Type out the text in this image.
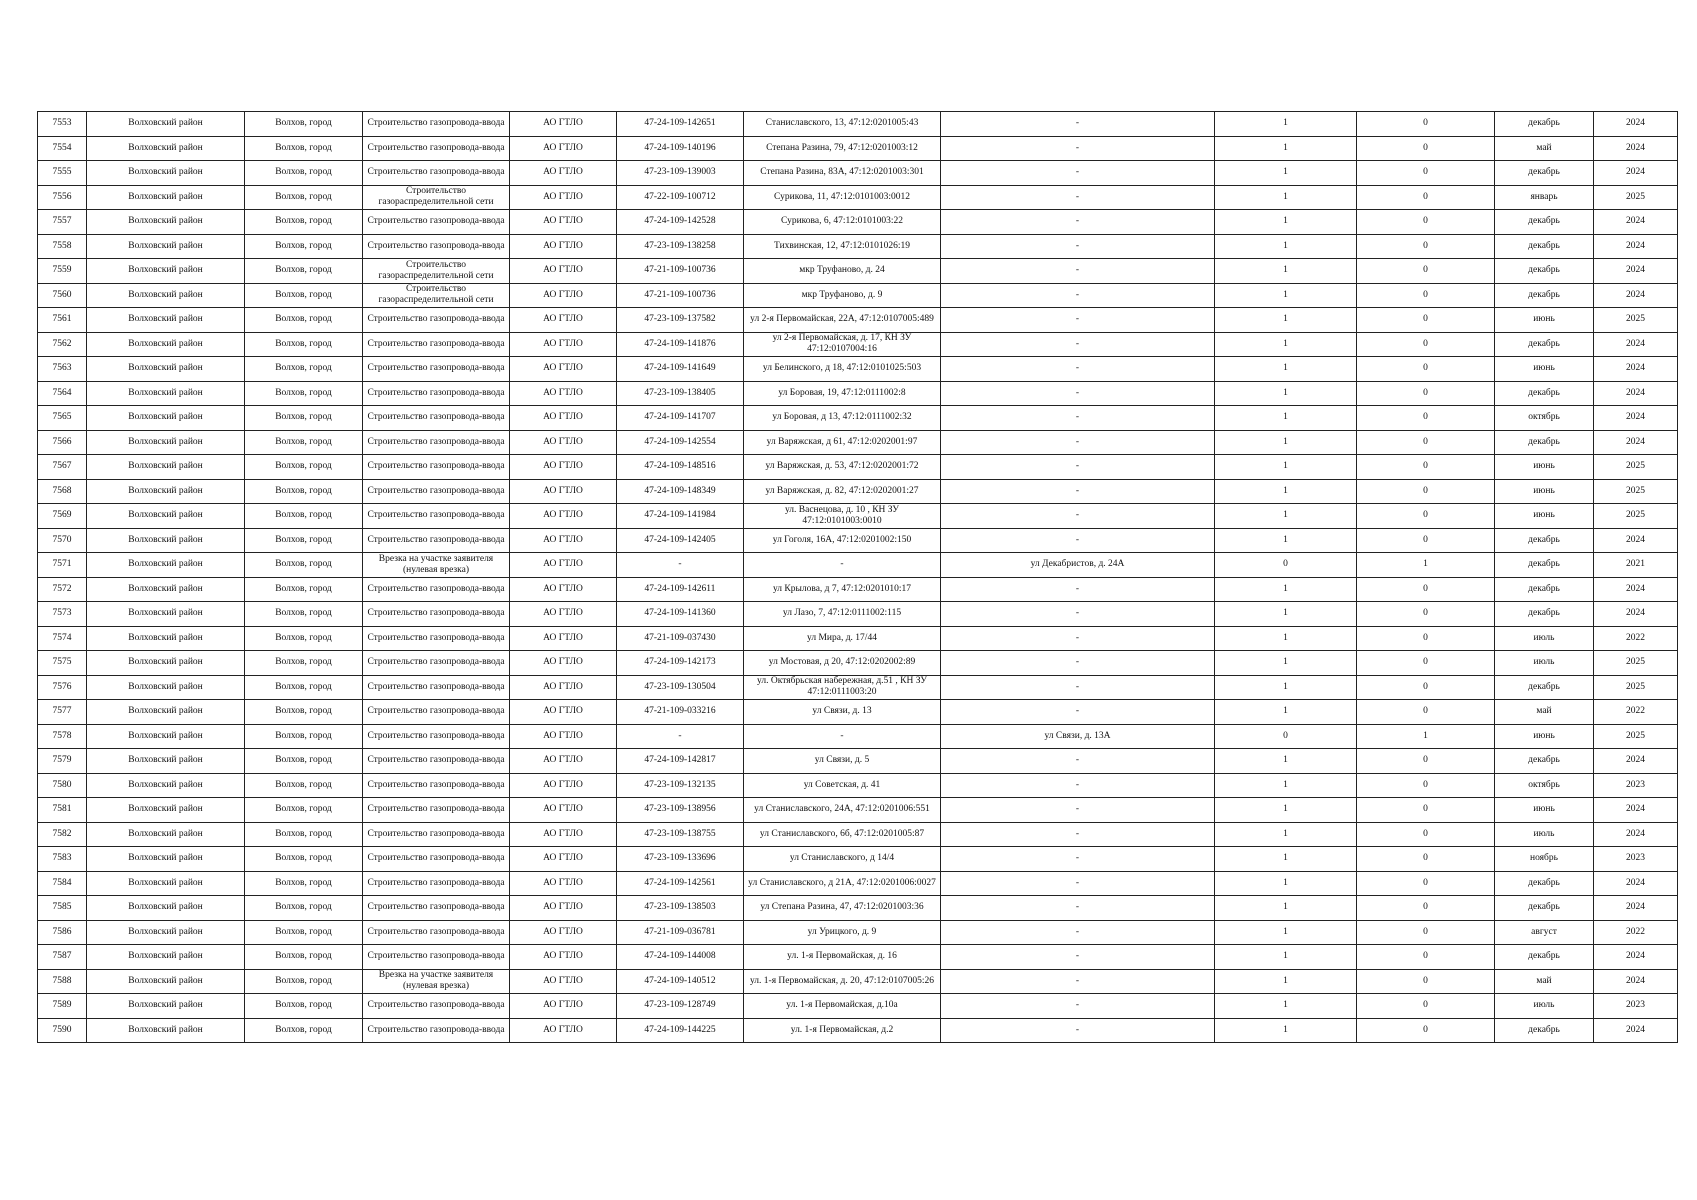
7553	Волховский район	Волхов, город	Строительство газопровода-ввода	АО ГТЛО	47-24-109-142651	Станиславского, 13, 47:12:0201005:43	-	1	0	декабрь	2024
7554	Волховский район	Волхов, город	Строительство газопровода-ввода	АО ГТЛО	47-24-109-140196	Степана Разина, 79, 47:12:0201003:12	-	1	0	май	2024
7555	Волховский район	Волхов, город	Строительство газопровода-ввода	АО ГТЛО	47-23-109-139003	Степана Разина, 83А, 47:12:0201003:301	-	1	0	декабрь	2024
7556	Волховский район	Волхов, город	Строительство газораспределительной сети	АО ГТЛО	47-22-109-100712	Сурикова, 11, 47:12:0101003:0012	-	1	0	январь	2025
7557	Волховский район	Волхов, город	Строительство газопровода-ввода	АО ГТЛО	47-24-109-142528	Сурикова, 6, 47:12:0101003:22	-	1	0	декабрь	2024
7558	Волховский район	Волхов, город	Строительство газопровода-ввода	АО ГТЛО	47-23-109-138258	Тихвинская, 12, 47:12:0101026:19	-	1	0	декабрь	2024
7559	Волховский район	Волхов, город	Строительство газораспределительной сети	АО ГТЛО	47-21-109-100736	мкр Труфаново, д. 24	-	1	0	декабрь	2024
7560	Волховский район	Волхов, город	Строительство газораспределительной сети	АО ГТЛО	47-21-109-100736	мкр Труфаново, д. 9	-	1	0	декабрь	2024
7561	Волховский район	Волхов, город	Строительство газопровода-ввода	АО ГТЛО	47-23-109-137582	ул 2-я Первомайская, 22А, 47:12:0107005:489	-	1	0	июнь	2025
7562	Волховский район	Волхов, город	Строительство газопровода-ввода	АО ГТЛО	47-24-109-141876	ул 2-я Первомайская, д. 17, КН ЗУ 47:12:0107004:16	-	1	0	декабрь	2024
7563	Волховский район	Волхов, город	Строительство газопровода-ввода	АО ГТЛО	47-24-109-141649	ул Белинского, д 18, 47:12:0101025:503	-	1	0	июнь	2024
7564	Волховский район	Волхов, город	Строительство газопровода-ввода	АО ГТЛО	47-23-109-138405	ул Боровая, 19, 47:12:0111002:8	-	1	0	декабрь	2024
7565	Волховский район	Волхов, город	Строительство газопровода-ввода	АО ГТЛО	47-24-109-141707	ул Боровая, д 13, 47:12:0111002:32	-	1	0	октябрь	2024
7566	Волховский район	Волхов, город	Строительство газопровода-ввода	АО ГТЛО	47-24-109-142554	ул Варяжская, д 61, 47:12:0202001:97	-	1	0	декабрь	2024
7567	Волховский район	Волхов, город	Строительство газопровода-ввода	АО ГТЛО	47-24-109-148516	ул Варяжская, д. 53, 47:12:0202001:72	-	1	0	июнь	2025
7568	Волховский район	Волхов, город	Строительство газопровода-ввода	АО ГТЛО	47-24-109-148349	ул Варяжская, д. 82, 47:12:0202001:27	-	1	0	июнь	2025
7569	Волховский район	Волхов, город	Строительство газопровода-ввода	АО ГТЛО	47-24-109-141984	ул. Васнецова, д. 10 , КН ЗУ 47:12:0101003:0010	-	1	0	июнь	2025
7570	Волховский район	Волхов, город	Строительство газопровода-ввода	АО ГТЛО	47-24-109-142405	ул Гоголя, 16А, 47:12:0201002:150	-	1	0	декабрь	2024
7571	Волховский район	Волхов, город	Врезка на участке заявителя (нулевая врезка)	АО ГТЛО	-	-	ул Декабристов, д. 24А	0	1	декабрь	2021
7572	Волховский район	Волхов, город	Строительство газопровода-ввода	АО ГТЛО	47-24-109-142611	ул Крылова, д 7, 47:12:0201010:17	-	1	0	декабрь	2024
7573	Волховский район	Волхов, город	Строительство газопровода-ввода	АО ГТЛО	47-24-109-141360	ул Лазо, 7, 47:12:0111002:115	-	1	0	декабрь	2024
7574	Волховский район	Волхов, город	Строительство газопровода-ввода	АО ГТЛО	47-21-109-037430	ул Мира, д. 17/44	-	1	0	июль	2022
7575	Волховский район	Волхов, город	Строительство газопровода-ввода	АО ГТЛО	47-24-109-142173	ул Мостовая, д 20, 47:12:0202002:89	-	1	0	июль	2025
7576	Волховский район	Волхов, город	Строительство газопровода-ввода	АО ГТЛО	47-23-109-130504	ул. Октябрьская набережная, д.51 , КН ЗУ 47:12:0111003:20	-	1	0	декабрь	2025
7577	Волховский район	Волхов, город	Строительство газопровода-ввода	АО ГТЛО	47-21-109-033216	ул Связи, д. 13	-	1	0	май	2022
7578	Волховский район	Волхов, город	Строительство газопровода-ввода	АО ГТЛО	-	-	ул Связи, д. 13А	0	1	июнь	2025
7579	Волховский район	Волхов, город	Строительство газопровода-ввода	АО ГТЛО	47-24-109-142817	ул Связи, д. 5	-	1	0	декабрь	2024
7580	Волховский район	Волхов, город	Строительство газопровода-ввода	АО ГТЛО	47-23-109-132135	ул Советская, д. 41	-	1	0	октябрь	2023
7581	Волховский район	Волхов, город	Строительство газопровода-ввода	АО ГТЛО	47-23-109-138956	ул Станиславского, 24А, 47:12:0201006:551	-	1	0	июнь	2024
7582	Волховский район	Волхов, город	Строительство газопровода-ввода	АО ГТЛО	47-23-109-138755	ул Станиславского, 6б, 47:12:0201005:87	-	1	0	июль	2024
7583	Волховский район	Волхов, город	Строительство газопровода-ввода	АО ГТЛО	47-23-109-133696	ул Станиславского, д 14/4	-	1	0	ноябрь	2023
7584	Волховский район	Волхов, город	Строительство газопровода-ввода	АО ГТЛО	47-24-109-142561	ул Станиславского, д 21А, 47:12:0201006:0027	-	1	0	декабрь	2024
7585	Волховский район	Волхов, город	Строительство газопровода-ввода	АО ГТЛО	47-23-109-138503	ул Степана Разина, 47, 47:12:0201003:36	-	1	0	декабрь	2024
7586	Волховский район	Волхов, город	Строительство газопровода-ввода	АО ГТЛО	47-21-109-036781	ул Урицкого, д. 9	-	1	0	август	2022
7587	Волховский район	Волхов, город	Строительство газопровода-ввода	АО ГТЛО	47-24-109-144008	ул. 1-я Первомайская, д. 16	-	1	0	декабрь	2024
7588	Волховский район	Волхов, город	Врезка на участке заявителя (нулевая врезка)	АО ГТЛО	47-24-109-140512	ул. 1-я Первомайская, д. 20, 47:12:0107005:26	-	1	0	май	2024
7589	Волховский район	Волхов, город	Строительство газопровода-ввода	АО ГТЛО	47-23-109-128749	ул. 1-я Первомайская, д.10а	-	1	0	июль	2023
7590	Волховский район	Волхов, город	Строительство газопровода-ввода	АО ГТЛО	47-24-109-144225	ул. 1-я Первомайская, д.2	-	1	0	декабрь	2024
